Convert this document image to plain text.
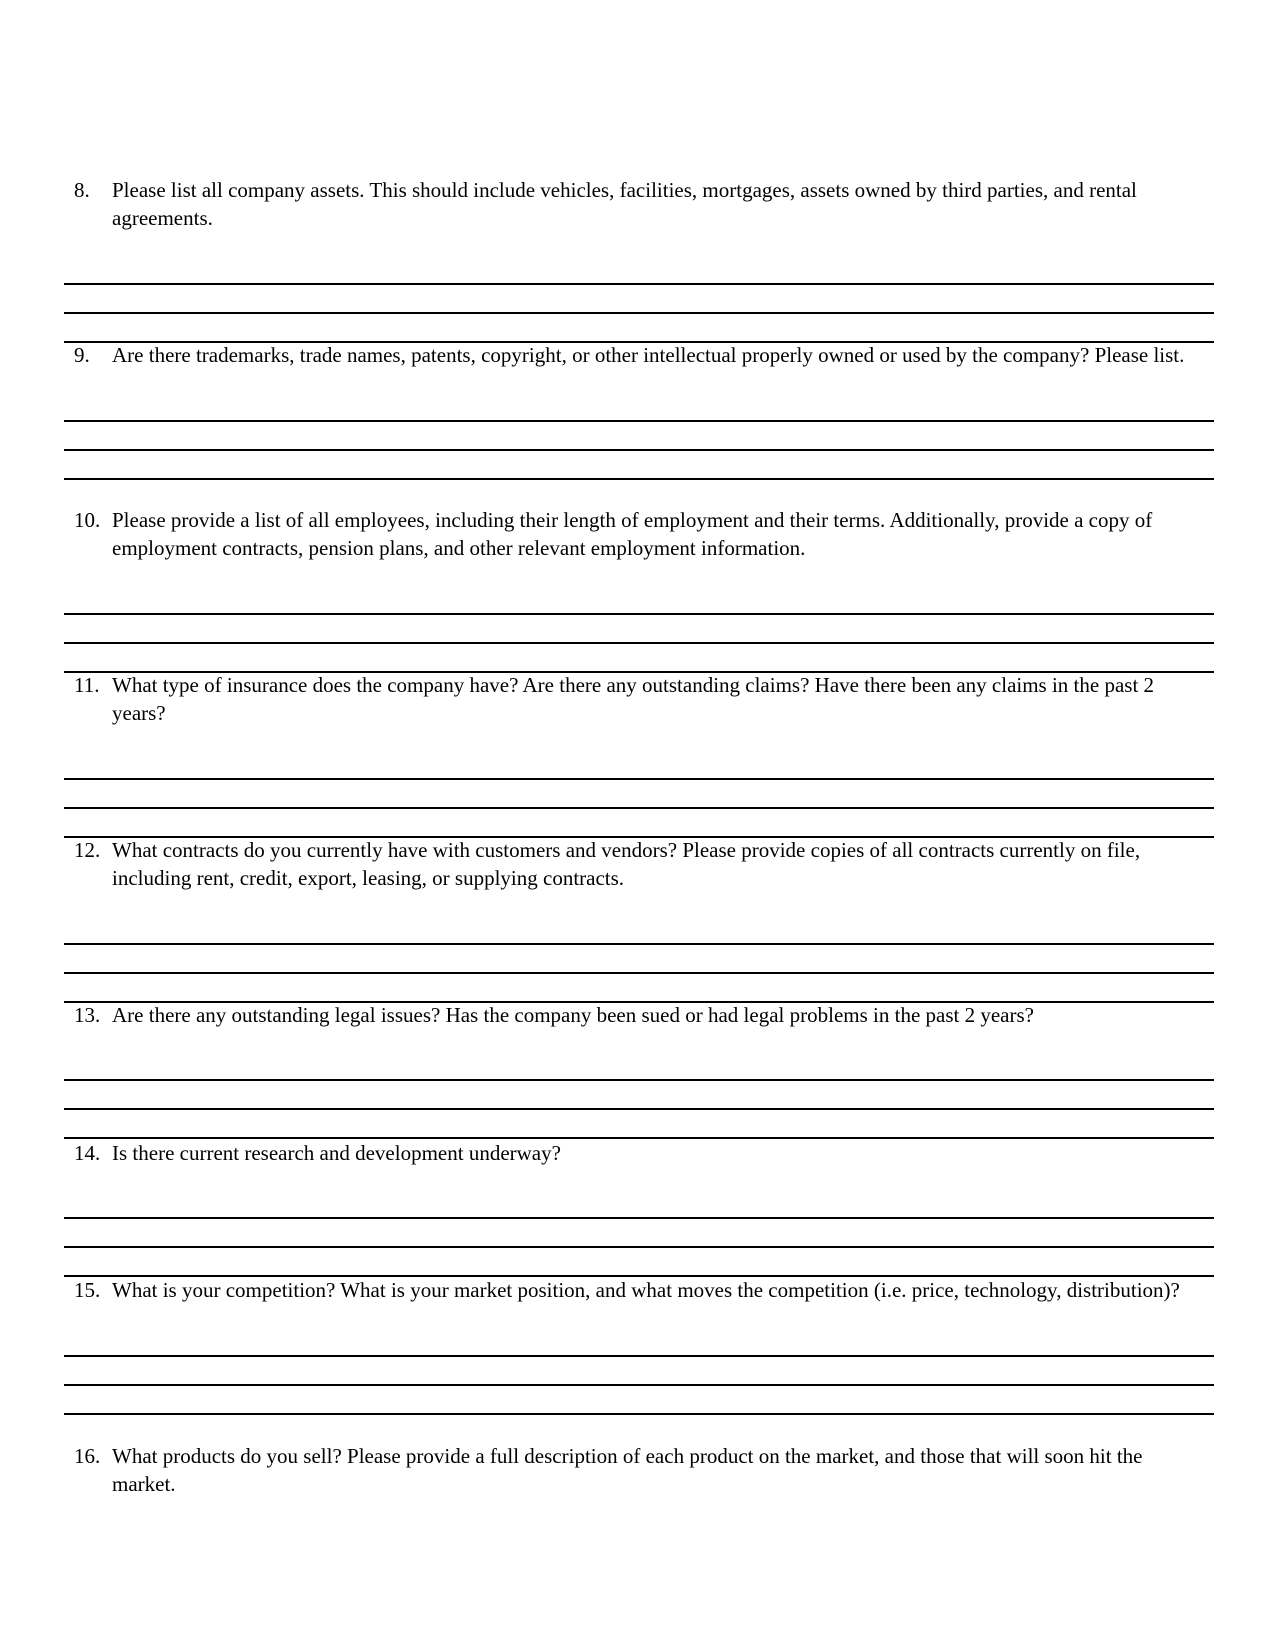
8.	Please list all company assets. This should include vehicles, facilities, mortgages, assets owned by third parties, and rental agreements.
9.	Are there trademarks, trade names, patents, copyright, or other intellectual properly owned or used by the company? Please list.
10. Please provide a list of all employees, including their length of employment and their terms. Additionally, provide a copy of employment contracts, pension plans, and other relevant employment information.
11. What type of insurance does the company have? Are there any outstanding claims? Have there been any claims in the past 2 years?
12. What contracts do you currently have with customers and vendors? Please provide copies of all contracts currently on file, including rent, credit, export, leasing, or supplying contracts.
13. Are there any outstanding legal issues? Has the company been sued or had legal problems in the past 2 years?
14. Is there current research and development underway?
15. What is your competition? What is your market position, and what moves the competition (i.e. price, technology, distribution)?
16. What products do you sell? Please provide a full description of each product on the market, and those that will soon hit the market.
